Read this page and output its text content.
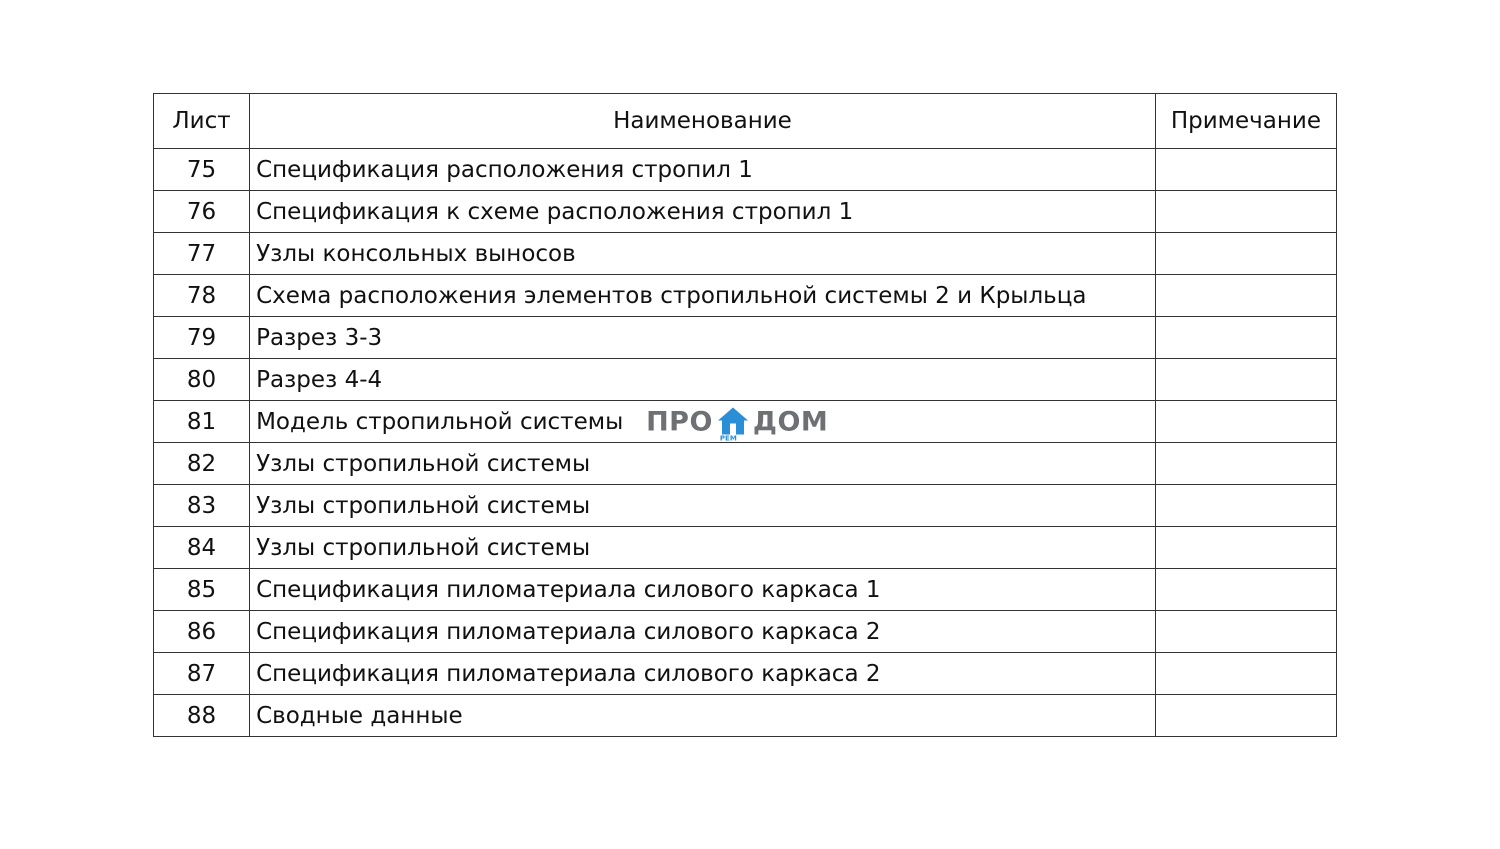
Лист	Наименование	Примечание
75	Спецификация расположения стропил 1	
76	Спецификация к схеме расположения стропил 1	
77	Узлы консольных выносов	
78	Схема расположения элементов стропильной системы 2 и Крыльца	
79	Разрез 3-3	
80	Разрез 4-4	
81	Модель стропильной системы ПРО
РЕМ
ДОМ	

82	Узлы стропильной системы	
83	Узлы стропильной системы	
84	Узлы стропильной системы	
85	Спецификация пиломатериала силового каркаса 1	
86	Спецификация пиломатериала силового каркаса 2	
87	Спецификация пиломатериала силового каркаса 2	
88	Сводные данные	
